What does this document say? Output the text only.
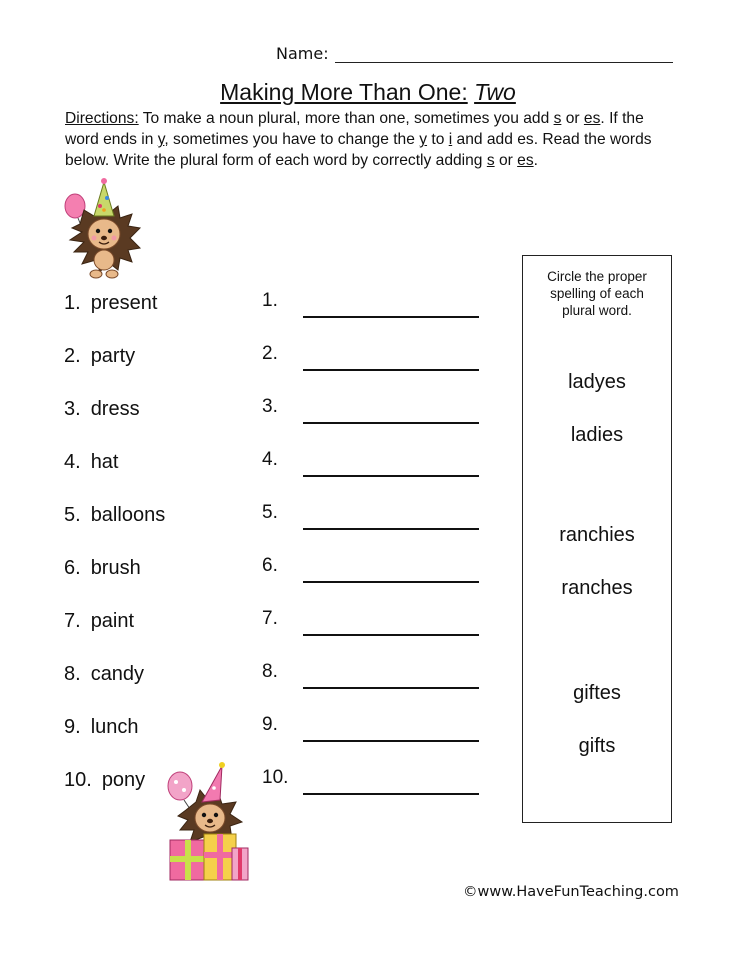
Name:
Making More Than One: Two
Directions: To make a noun plural, more than one, sometimes you add s or es. If the word ends in y, sometimes you have to change the y to i and add es. Read the words below. Write the plural form of each word by correctly adding s or es.
1. present	1.
2. party	2.
3. dress	3.
4. hat	4.
5. balloons	5.
6. brush	6.
7. paint	7.
8. candy	8.
9. lunch	9.
10. pony	10.
Circle the proper
spelling of each
plural word.
ladyes
ladies
ranchies
ranches
giftes
gifts
©www.HaveFunTeaching.com
